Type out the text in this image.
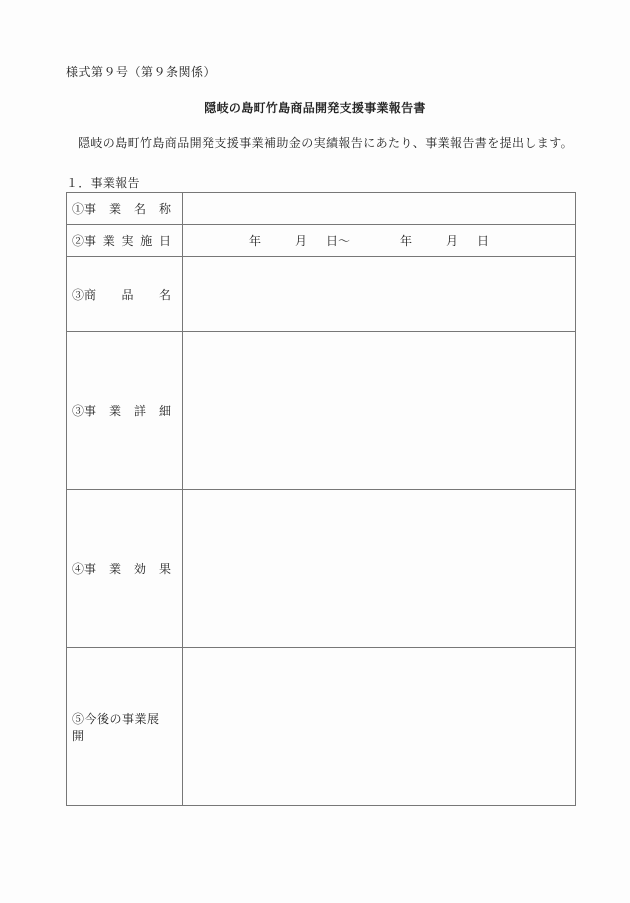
様式第９号（第９条関係）
隠岐の島町竹島商品開発支援事業報告書
隠岐の島町竹島商品開発支援事業補助金の実績報告にあたり、事業報告書を提出します。
１．事業報告
①事 業 名 称	

②事 業 実 施 日	年	月	日～	年	月	日

③商 品 名	

③事 業 詳 細	

④事 業 効 果	

⑤今後の事業展開	
